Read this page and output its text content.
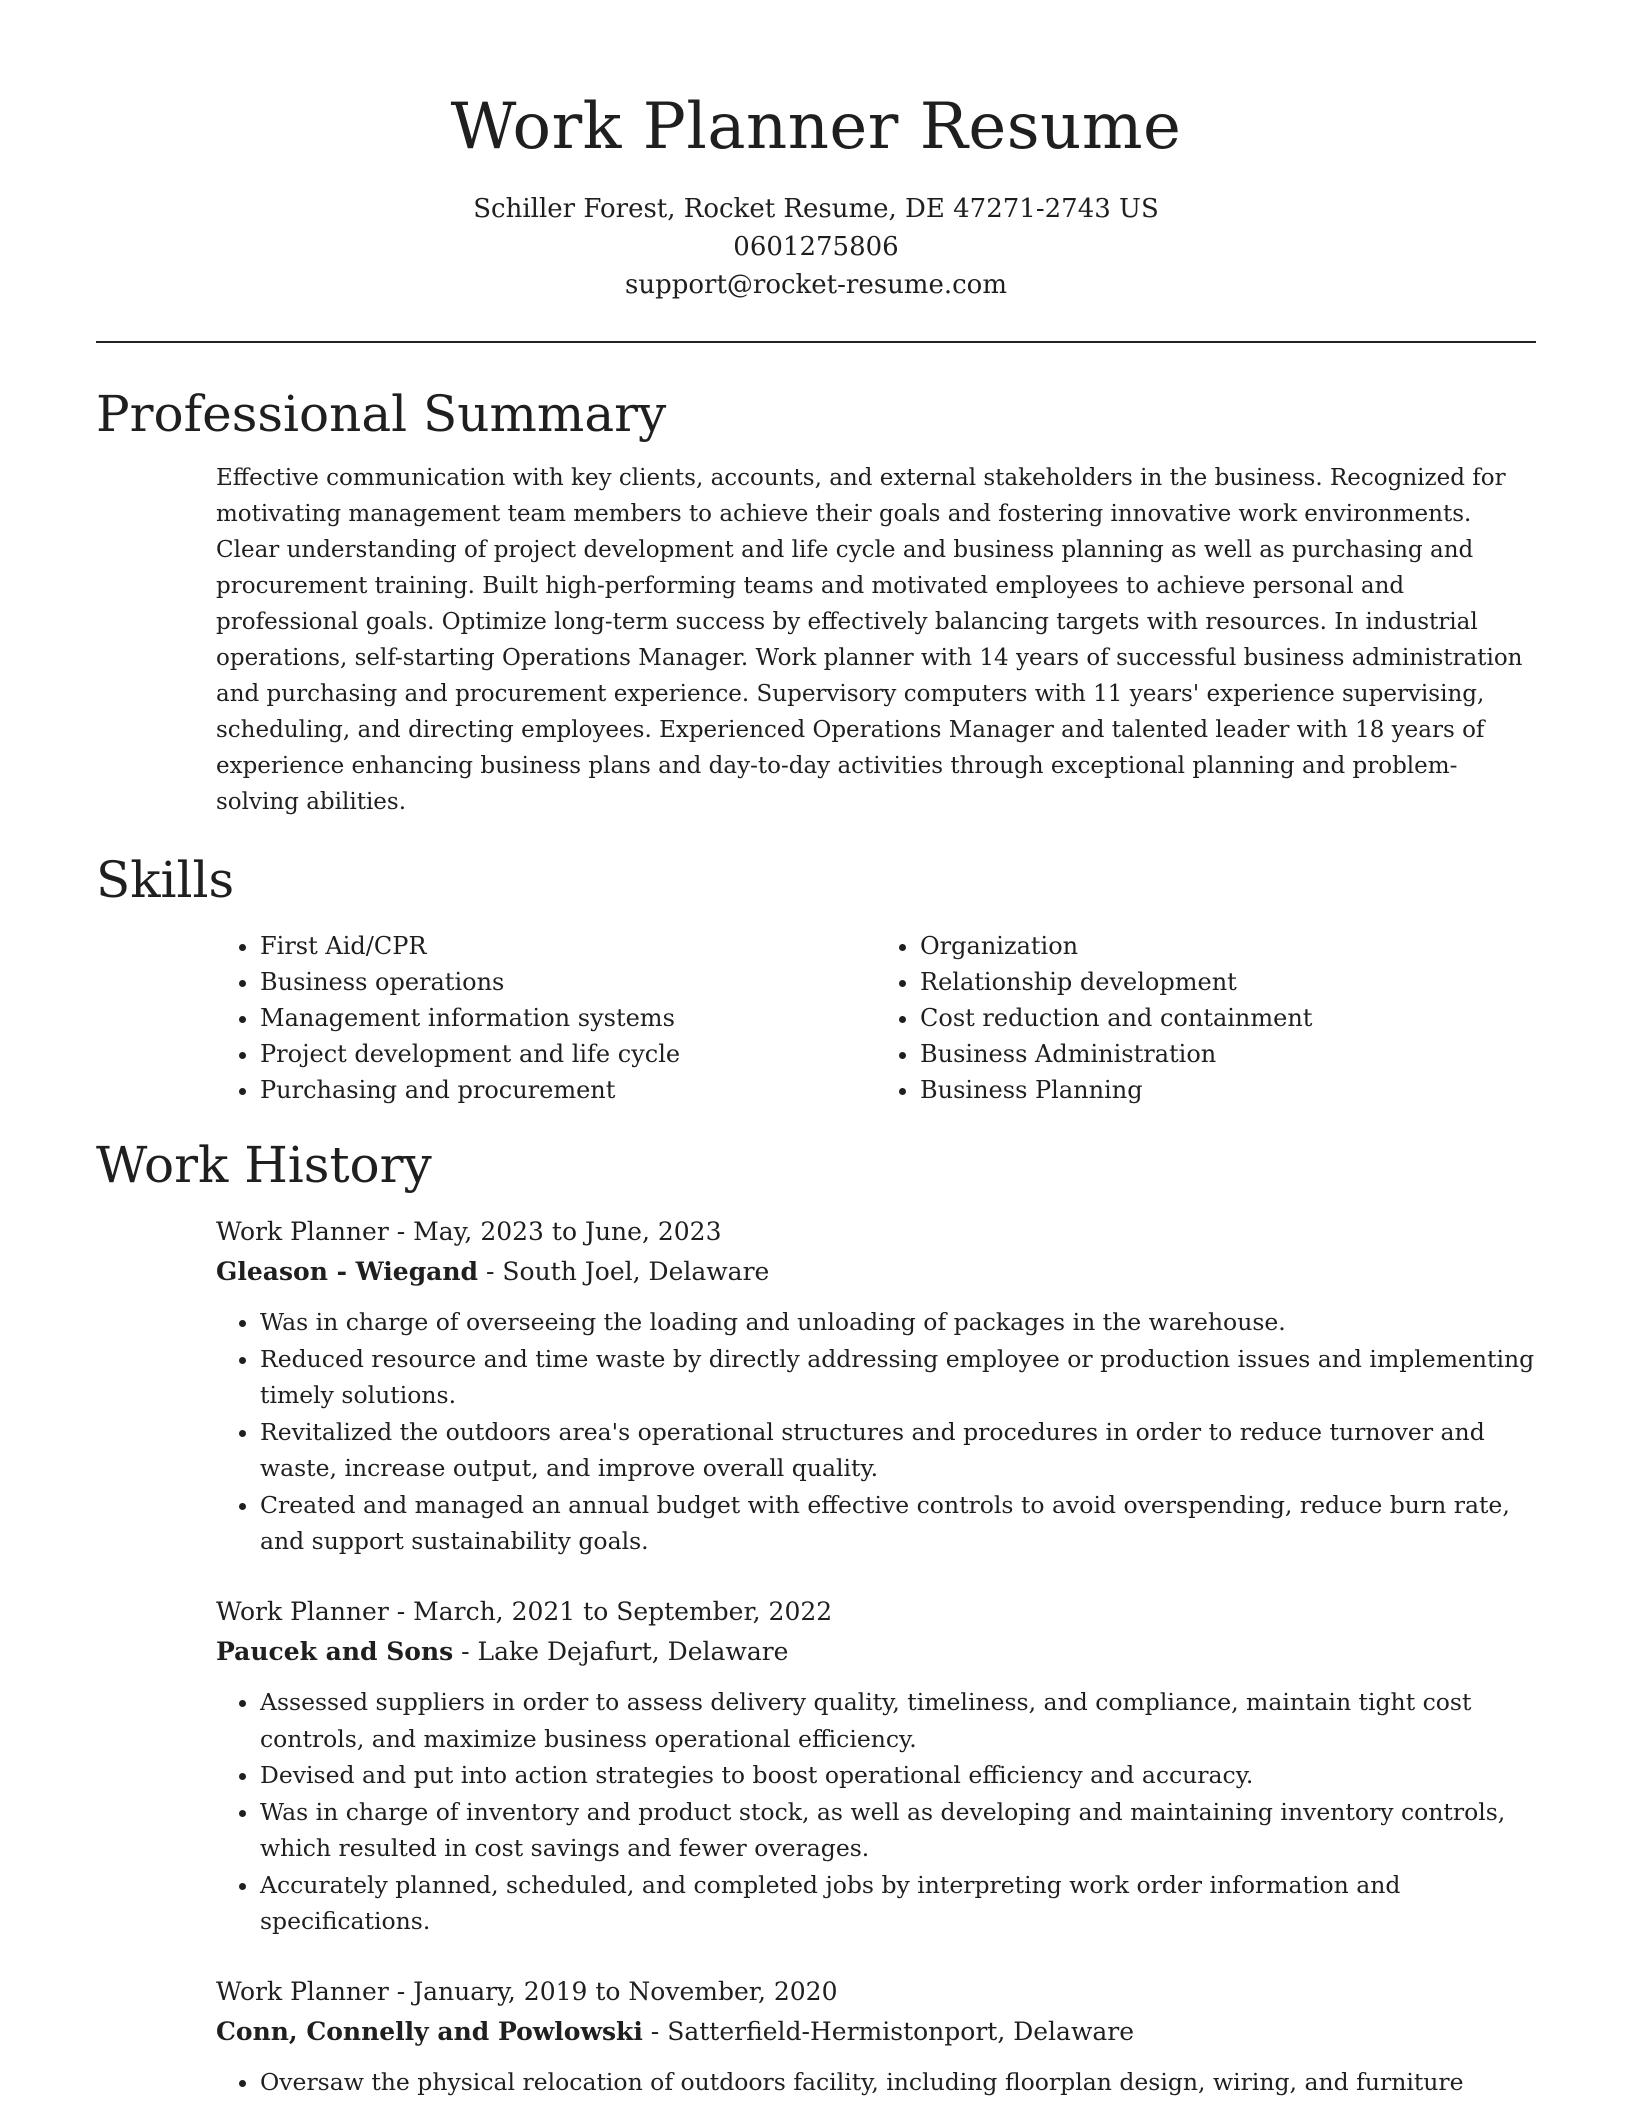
Work Planner Resume
Schiller Forest, Rocket Resume, DE 47271-2743 US
0601275806
support@rocket-resume.com
Professional Summary

Effective communication with key clients, accounts, and external stakeholders in the business. Recognized for motivating management team members to achieve their goals and fostering innovative work environments. Clear understanding of project development and life cycle and business planning as well as purchasing and procurement training. Built high-performing teams and motivated employees to achieve personal and professional goals. Optimize long-term success by effectively balancing targets with resources. In industrial operations, self-starting Operations Manager. Work planner with 14 years of successful business administration and purchasing and procurement experience. Supervisory computers with 11 years' experience supervising, scheduling, and directing employees. Experienced Operations Manager and talented leader with 18 years of experience enhancing business plans and day-to-day activities through exceptional planning and problem-solving abilities.

Skills
• First Aid/CPR
• Business operations
• Management information systems
• Project development and life cycle
• Purchasing and procurement
• Organization
• Relationship development
• Cost reduction and containment
• Business Administration
• Business Planning
Work History
Work Planner - May, 2023 to June, 2023
Gleason - Wiegand - South Joel, Delaware
• Was in charge of overseeing the loading and unloading of packages in the warehouse.
• Reduced resource and time waste by directly addressing employee or production issues and implementing timely solutions.
• Revitalized the outdoors area's operational structures and procedures in order to reduce turnover and waste, increase output, and improve overall quality.
• Created and managed an annual budget with effective controls to avoid overspending, reduce burn rate, and support sustainability goals.
Work Planner - March, 2021 to September, 2022
Paucek and Sons - Lake Dejafurt, Delaware
• Assessed suppliers in order to assess delivery quality, timeliness, and compliance, maintain tight cost controls, and maximize business operational efficiency.
• Devised and put into action strategies to boost operational efficiency and accuracy.
• Was in charge of inventory and product stock, as well as developing and maintaining inventory controls, which resulted in cost savings and fewer overages.
• Accurately planned, scheduled, and completed jobs by interpreting work order information and specifications.
Work Planner - January, 2019 to November, 2020
Conn, Connelly and Powlowski - Satterfield-Hermistonport, Delaware
• Oversaw the physical relocation of outdoors facility, including floorplan design, wiring, and furniture
